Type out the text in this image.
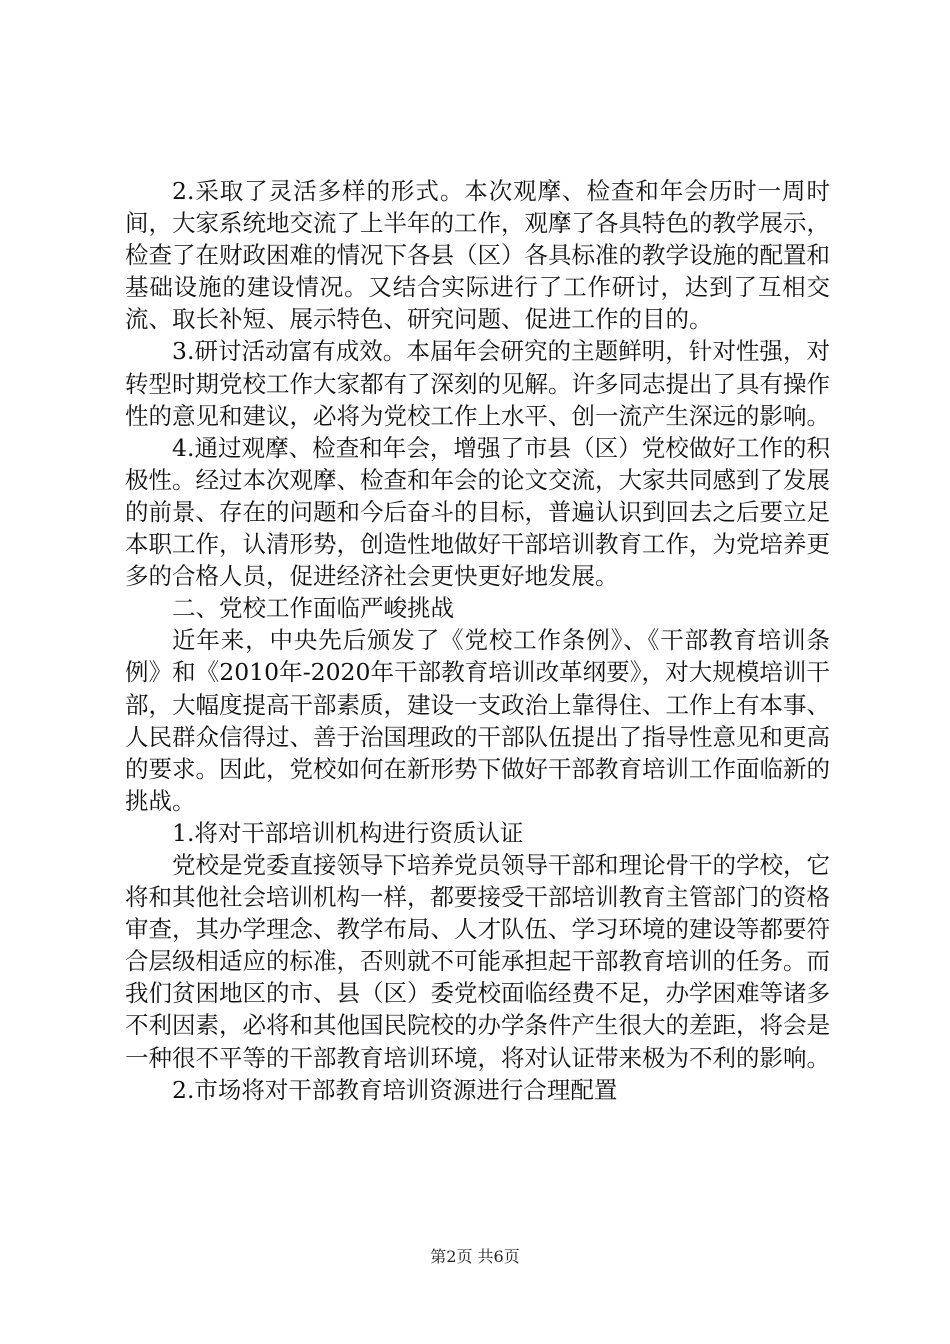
2.采取了灵活多样的形式。本次观摩、检查和年会历时一周时间，大家系统地交流了上半年的工作，观摩了各具特色的教学展示，检查了在财政困难的情况下各县（区）各具标准的教学设施的配置和基础设施的建设情况。又结合实际进行了工作研讨，达到了互相交流、取长补短、展示特色、研究问题、促进工作的目的。

3.研讨活动富有成效。本届年会研究的主题鲜明，针对性强，对转型时期党校工作大家都有了深刻的见解。许多同志提出了具有操作性的意见和建议，必将为党校工作上水平、创一流产生深远的影响。

4.通过观摩、检查和年会，增强了市县（区）党校做好工作的积极性。经过本次观摩、检查和年会的论文交流，大家共同感到了发展的前景、存在的问题和今后奋斗的目标，普遍认识到回去之后要立足本职工作，认清形势，创造性地做好干部培训教育工作，为党培养更多的合格人员，促进经济社会更快更好地发展。

二、党校工作面临严峻挑战

近年来，中央先后颁发了《党校工作条例》、《干部教育培训条例》和《2010年-2020年干部教育培训改革纲要》，对大规模培训干部，大幅度提高干部素质，建设一支政治上靠得住、工作上有本事、人民群众信得过、善于治国理政的干部队伍提出了指导性意见和更高的要求。因此，党校如何在新形势下做好干部教育培训工作面临新的挑战。

1.将对干部培训机构进行资质认证

党校是党委直接领导下培养党员领导干部和理论骨干的学校，它将和其他社会培训机构一样，都要接受干部培训教育主管部门的资格审查，其办学理念、教学布局、人才队伍、学习环境的建设等都要符合层级相适应的标准，否则就不可能承担起干部教育培训的任务。而我们贫困地区的市、县（区）委党校面临经费不足，办学困难等诸多不利因素，必将和其他国民院校的办学条件产生很大的差距，将会是一种很不平等的干部教育培训环境，将对认证带来极为不利的影响。

2.市场将对干部教育培训资源进行合理配置

第2页 共6页
